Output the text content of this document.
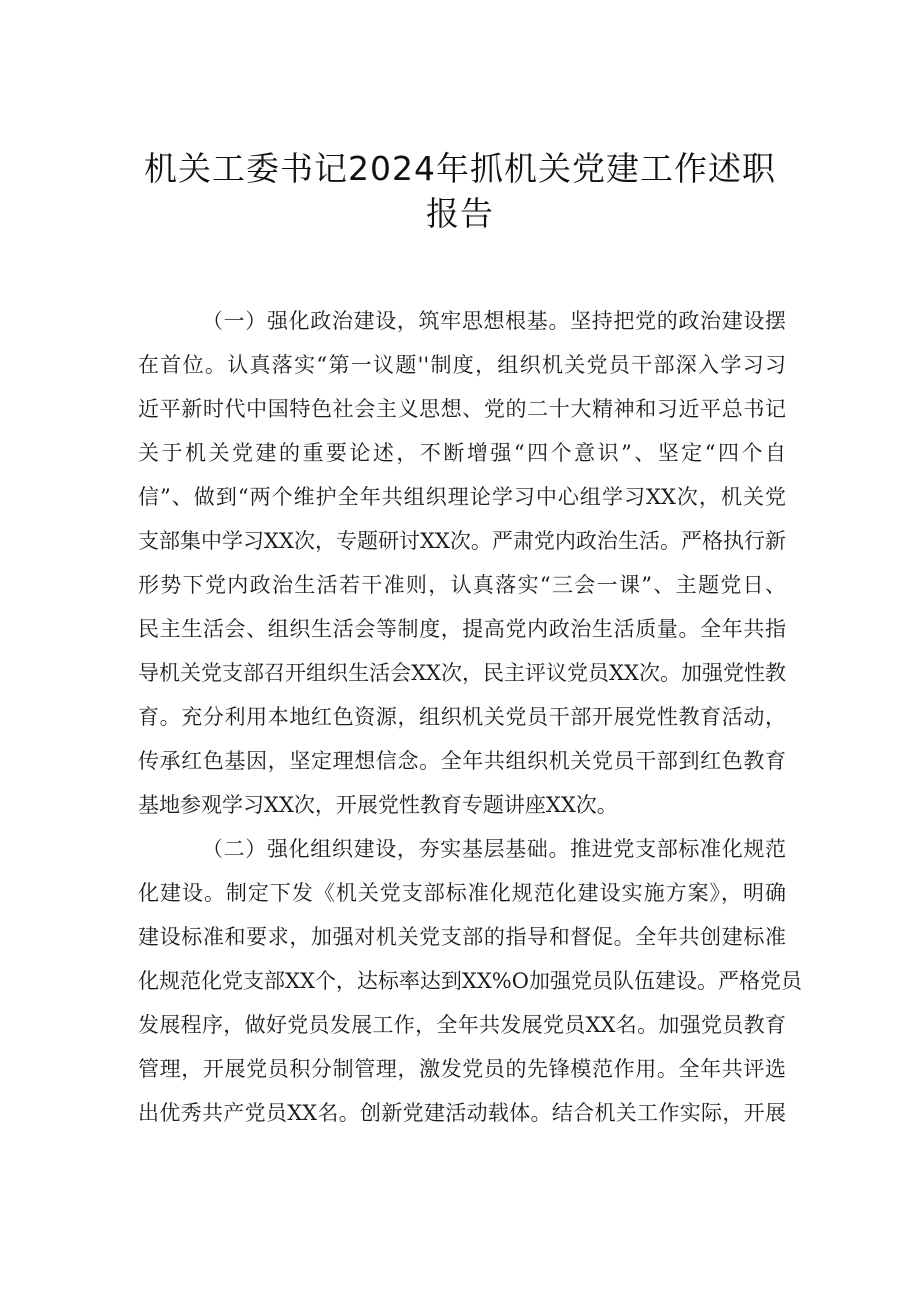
机关工委书记2024年抓机关党建工作述职
报告
（一）强化政治建设，筑牢思想根基。坚持把党的政治建设摆
在首位。认真落实“第一议题''制度，组织机关党员干部深入学习习
近平新时代中国特色社会主义思想、党的二十大精神和习近平总书记
关于机关党建的重要论述，不断增强“四个意识”、坚定“四个自
信”、做到“两个维护全年共组织理论学习中心组学习XX次，机关党
支部集中学习XX次，专题研讨XX次。严肃党内政治生活。严格执行新
形势下党内政治生活若干准则，认真落实“三会一课”、主题党日、
民主生活会、组织生活会等制度，提高党内政治生活质量。全年共指
导机关党支部召开组织生活会XX次，民主评议党员XX次。加强党性教
育。充分利用本地红色资源，组织机关党员干部开展党性教育活动，
传承红色基因，坚定理想信念。全年共组织机关党员干部到红色教育
基地参观学习XX次，开展党性教育专题讲座XX次。
（二）强化组织建设，夯实基层基础。推进党支部标准化规范
化建设。制定下发《机关党支部标准化规范化建设实施方案》，明确
建设标准和要求，加强对机关党支部的指导和督促。全年共创建标准
化规范化党支部XX个，达标率达到XX%O加强党员队伍建设。严格党员
发展程序，做好党员发展工作，全年共发展党员XX名。加强党员教育
管理，开展党员积分制管理，激发党员的先锋模范作用。全年共评选
出优秀共产党员XX名。创新党建活动载体。结合机关工作实际，开展
